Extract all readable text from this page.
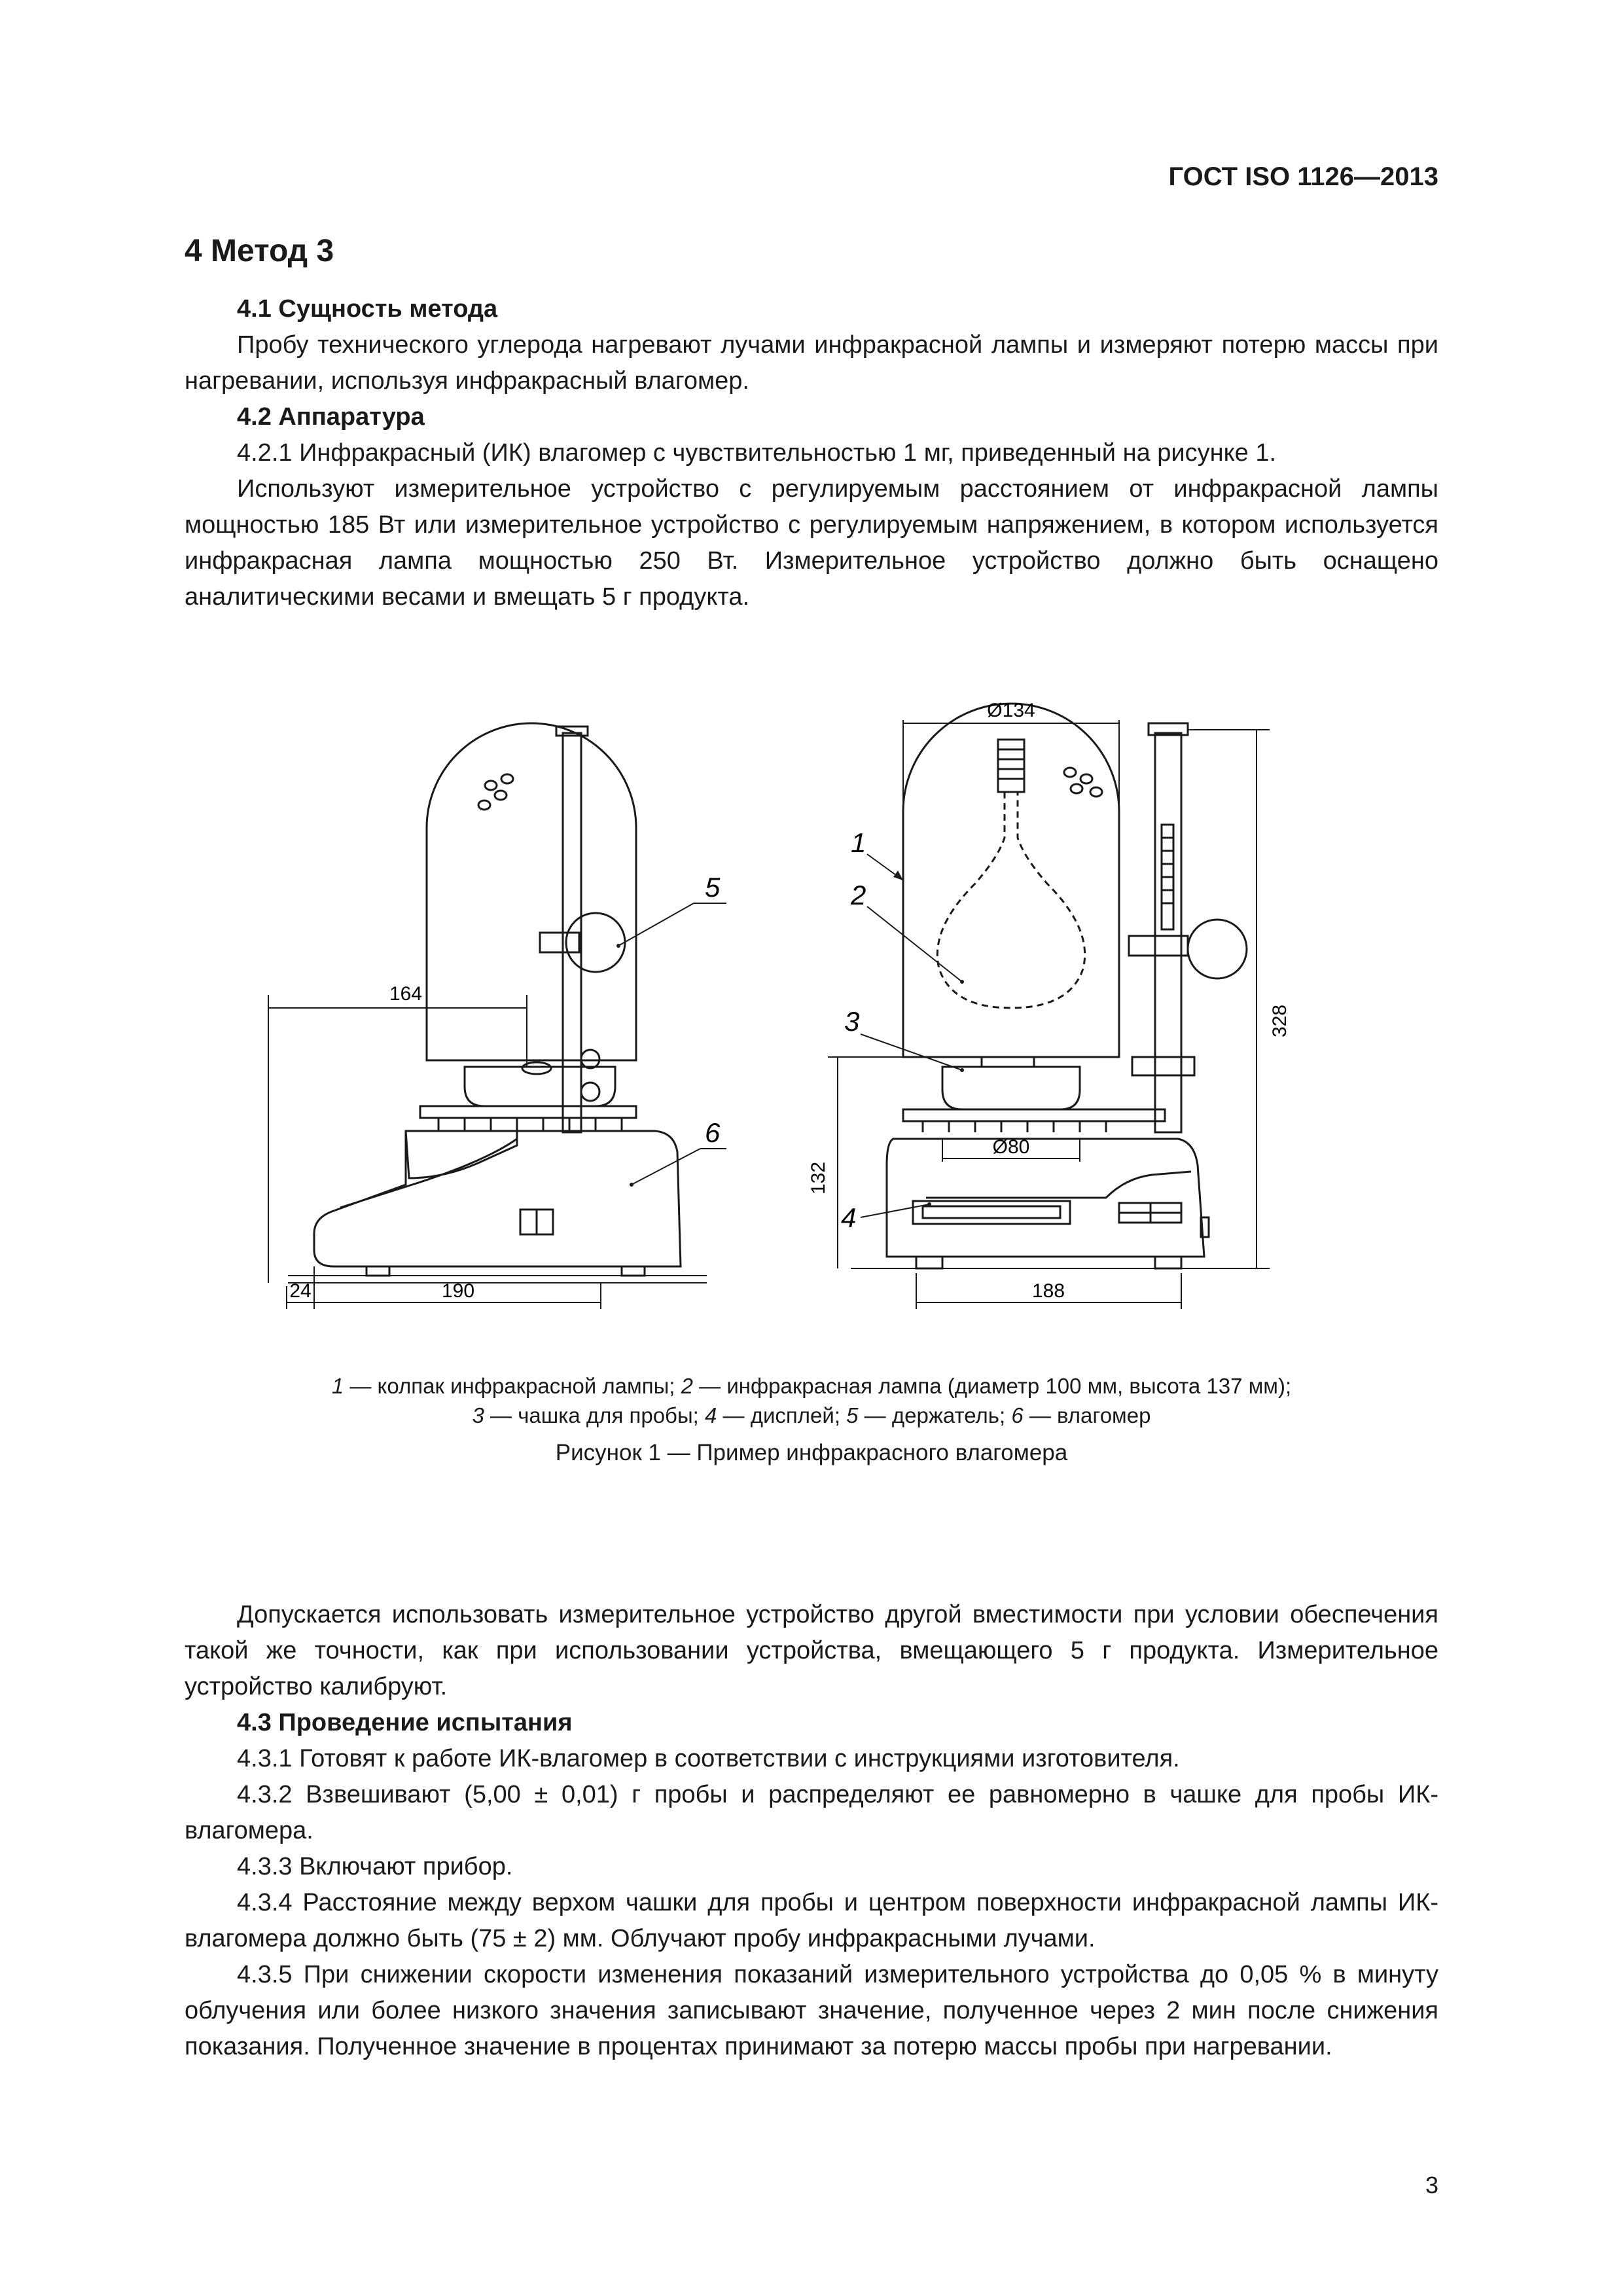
ГОСТ ISO 1126—2013
4 Метод 3
4.1 Сущность метода

Пробу технического углерода нагревают лучами инфракрасной лампы и измеряют потерю массы при нагревании, используя инфракрасный влагомер.

4.2 Аппаратура

4.2.1 Инфракрасный (ИК) влагомер с чувствительностью 1 мг, приведенный на рисунке 1.

Используют измерительное устройство с регулируемым расстоянием от инфракрасной лампы мощностью 185 Вт или измерительное устройство с регулируемым напряжением, в котором используется инфракрасная лампа мощностью 250 Вт. Измерительное устройство должно быть оснащено аналитическими весами и вмещать 5 г продукта.

164
24	190
5
6
Ø134
Ø80
188
328
132
1
2
3
4
1 — колпак инфракрасной лампы; 2 — инфракрасная лампа (диаметр 100 мм, высота 137 мм);
3 — чашка для пробы; 4 — дисплей; 5 — держатель; 6 — влагомер
Рисунок 1 — Пример инфракрасного влагомера

Допускается использовать измерительное устройство другой вместимости при условии обеспечения такой же точности, как при использовании устройства, вмещающего 5 г продукта. Измерительное устройство калибруют.

4.3 Проведение испытания

4.3.1 Готовят к работе ИК-влагомер в соответствии с инструкциями изготовителя.

4.3.2 Взвешивают (5,00 ± 0,01) г пробы и распределяют ее равномерно в чашке для пробы ИК-влагомера.

4.3.3 Включают прибор.

4.3.4 Расстояние между верхом чашки для пробы и центром поверхности инфракрасной лампы ИК-влагомера должно быть (75 ± 2) мм. Облучают пробу инфракрасными лучами.

4.3.5 При снижении скорости изменения показаний измерительного устройства до 0,05 % в минуту облучения или более низкого значения записывают значение, полученное через 2 мин после снижения показания. Полученное значение в процентах принимают за потерю массы пробы при нагревании.

3
